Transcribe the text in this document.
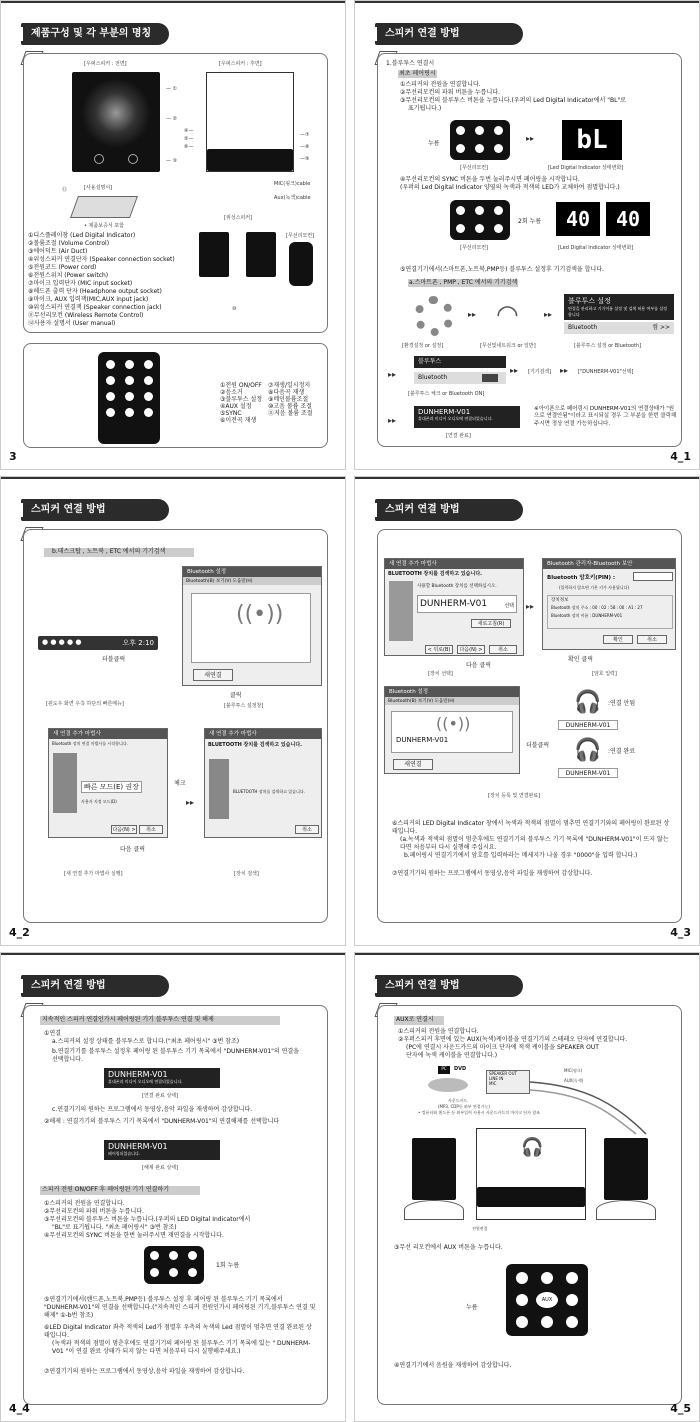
제품구성 및 각 부분의 명칭
[우퍼스피커 : 전면]	[우퍼스피커 : 후면]
— ①
— ②
— ③
④—
⑤—
⑥—
—⑦
—⑧
—⑨
MIC(핑크)cable
Aux(녹색)cable
[사용설명서]
• 제품보증서 포함
⑫
[위성스피커]
[무선리모컨]
⑩
①디스플레이창 (Led Digital Indicator)
②볼륨조절 (Volume Control)
③에어덕트 (Air Duct)
④위성스피커 연결단자 (Speaker connection socket)
⑤전원코드 (Power cord)
⑥전원스위치 (Power switch)
⑦마이크 입력단자 (MIC input socket)
⑧헤드폰 출력 단자 (Headphone output socket)
⑨마이크, AUX 입력잭(MIC,AUX input jack)
⑩위성스피커 연결잭 (Speaker connection jack)
⑪무선리모컨 (Wireless Remote Control)
⑫사용자 설명서 (User manual)
①전원 ON/OFF
②음소거
③블루투스 설정
④AUX 설정
⑤SYNC
⑥이전곡 재생
⑦재생/일시정지
⑧다음곡 재생
⑨메인볼륨조절
⑩고음 볼륨 조절
⑪저음 볼륨 조절
3
스피커 연결 방법
1.블루투스 연결시
최초 페어링시
①스피커의 전원을 연결합니다.
②무선리모컨의 파워 버튼을 누릅니다.
③무선리모컨의 블루투스 버튼을 누릅니다.(우퍼의 Led Digital Indicator에서 "BL"로
표기됩니다.)
누름
[무선리모컨]
▸▸	bL
[Led Digital Indicator 상태변화]
④무선리모컨의 SYNC 버튼을 두번 눌러주시면 페어링을 시작합니다.
(우퍼의 Led Digital Indicator 양옆의 녹색과 적색의 LED가 교체하여 점멸합니다.)
2회 누름	40	40
[무선리모컨]	[Led Digital Indicator 상태변화]
⑤연결기기에서(스마트폰,노트북,PMP등) 블루투스 설정후 기기검색을 합니다.
a.스마트폰 , PMP , ETC 에서의 기기검색
[환경설정 or 설정]
▸▸ ◠
[무선및네트워크 or 일반]
▸▸
블루투스 설정
연결을 관리하고 기기이름 설정 및 검색 허용 여부를 설정합니다
Bluetooth	켬 >>
[블루투스 설정 or Bluetooth]
▸▸
블루투스
Bluetooth
[블루투스 체크 or Bluetooth ON]
▸▸ [기기검색] ▸▸ ["DUNHERM-V01"선택]
▸▸
DUNHERM-V01
휴대폰과 미디어 오디오에 연결되었습니다.
[연결 완료]
※아이폰으로 페어링시 DUNHERM-V01의 연결상태가 "원으로 연결안됨"이라고 표시되실 경우 그 부분을 한번 클릭해주시면 정상 연결 가능하십니다.
4_1
스피커 연결 방법
b.데스크탑 , 노트북 , ETC 에서의 기기검색
Bluetooth 설정
Bluetooth(B) 보기(V) 도움말(H)
((•))
새연결
● ● ● ● ●	오후 2:10
더블클릭
클릭
[윈도우 화면 우측 하단의 빠른메뉴]	[블루투스 설정창]
새 연결 추가 마법사
Bluetooth 장치 연결 마법사를 시작합니다.
빠른 모드(E) 권장
사용자 지정 모드(D)
다음(N) >	취소
체크
다음 클릭
▸▸
새 연결 추가 마법사
BLUETOOTH 장치를 검색하고 있습니다.
BLUETOOTH 장치를 검색하고 있습니다.
취소
[새 연결 추가 마법사 실행]	[장치 검색]
4_2
스피커 연결 방법
새 연결 추가 마법사
BLUETOOTH 장치를 검색하고 있습니다.
사용할 Bluetooth 장치를 선택하십시오.
DUNHERM-V01	선택
새로고침(R)
< 뒤로(B)	다음(N) >	취소
다음 클릭
[장치 선택]
▸▸
Bluetooth 관리자-Bluetooth 보안
Bluetooth 암호키(PIN) :
(입력하지 않으면 기본 키가 사용됩니다)
장치정보
Bluetooth 장치 주소 : 00 : 02 : 58 : 00 : A1 : 27
Bluetooth 장치 이름 : DUNHERM-V01
확인	취소
확인 클릭
[암호 입력]
Bluetooth 설정
Bluetooth(B) 보기(V) 도움말(H)
((•))
DUNHERM-V01
새연결
더블클릭
🎧 :연결 안됨
DUNHERM-V01
🎧 :연결 완료
DUNHERM-V01
[장치 등록 및 연결완료]
⑥스피커의 LED Digital Indicator 창에서 녹색과 적색의 점멸이 멈추면 연결기기와의 페어링이 완료된 상태입니다.
(a.녹색과 적색의 점멸이 멈춘후에도 연결기기의 블루투스 기기 목록에 "DUNHERM-V01"이 뜨지 않는다면 처음부터 다시 실행해 주십시요.
b.페어링시 연결기기에서 암호를 입력하라는 메세지가 나올 경우 "0000"을 입력 합니다.)
⑦연결기기의 원하는 프로그램에서 동영상,음악 파일을 재생하여 감상합니다.
4_3
스피커 연결 방법
지속적인 스피커 연결인가시 페어링된 기기 블루투스 연결 및 해제
①연결
a.스피커의 설정 상태를 블루투스로 합니다.("최초 페어링시" ③번 참조)
b.연결기기를 블루투스 설정후 페어링 된 블루투스 기기 목록에서 "DUNHERM-V01"의 연결을 선택합니다.
DUNHERM-V01
휴대폰과 미디어 오디오에 연결되었습니다.
[연결 완료 상태]
c.연결기기의 원하는 프로그램에서 동영상,음악 파일을 재생하여 감상합니다.
②해제 : 연결기기의 블루투스 기기 목록에서 "DUNHERM-V01"의 연결해제를 선택합니다
DUNHERM-V01
페어링되었습니다.
[해제 완료 상태]
스피커 전원 ON/OFF 후 페어링된 기기 연결하기
①스피커의 전원을 연결합니다.
②무선리모컨의 파워 버튼을 누릅니다.
③무선리모컨의 블루투스 버튼을 누릅니다.(우퍼의 LED Digital Indicator에서
"BL"로 표기됩니다. "최초 페어링시" ③번 참조)
④무선리모컨의 SYNC 버튼을 한번 눌러주시면 재연결을 시작합니다.
1회 누름
⑤연결기기에서(핸드폰,노트북,PMP등) 블루투스 설정 후 페어링 된 블루투스 기기 목록에서 "DUNHERM-V01"의 연결을 선택합니다.("지속적인 스피커 전원인가시 페어링된 기기,블루투스 연결 및 해제" ①-b번 참조)
⑥LED Digital Indicator 좌측 적색의 Led가 점멸후 우측의 녹색의 Led 점멸이 멈추면 연결 완료된 상태입니다.
(녹색과 적색의 점멸이 멈춘후에도 연결기기의 페어링 된 블루투스 기기 목록에 있는 " DUNHERM-V01 "이 연결 완료 상태가 되지 않는 다면 처음부터 다시 실행해주세요.)
⑦연결기기의 원하는 프로그램에서 동영상,음악 파일을 재생하여 감상합니다.
4_4
스피커 연결 방법
AUX로 연결시
①스피커의 전원을 연결합니다.
②우퍼스피커 후면에 있는 AUX(녹색)케이블을 연결기기의 스테레오 단자에 연결합니다.
(PC에 연결시 사운드카드의 마이크 단자에 적색 케이블을 SPEAKER OUT
단자에 녹색 케이블을 연결합니다.)
PC	DVD
SPEAKER OUT
LINE IN
MIC
사운드카드
(MP3, CDP등 외부 연결가능)
• 컴퓨터와 핸드폰 등 외부입력 사용시 사운드카드의 마이크 단자 참조
MIC(핑크)
AUX(녹색)
🎧
전원연결
③무선 리모컨에서 AUX 버튼을 누릅니다.
누름
AUX
④연결기기에서 음원을 재생하여 감상합니다.
4_5
